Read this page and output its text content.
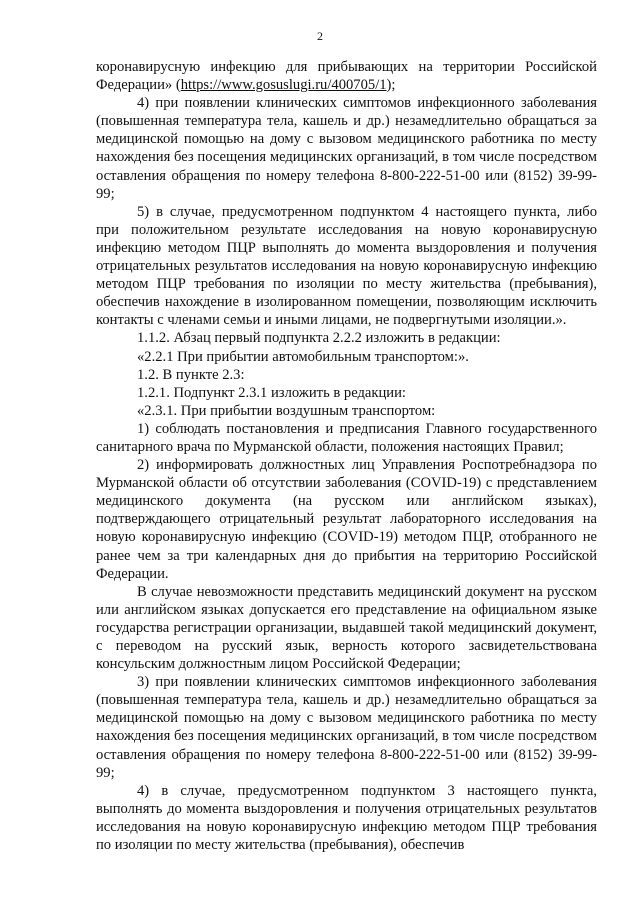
2

коронавирусную инфекцию для прибывающих на территории Российской Федерации» (https://www.gosuslugi.ru/400705/1);

4) при появлении клинических симптомов инфекционного заболевания (повышенная температура тела, кашель и др.) незамедлительно обращаться за медицинской помощью на дому с вызовом медицинского работника по месту нахождения без посещения медицинских организаций, в том числе посредством оставления обращения по номеру телефона 8-800-222-51-00 или (8152) 39-99-99;

5) в случае, предусмотренном подпунктом 4 настоящего пункта, либо при положительном результате исследования на новую коронавирусную инфекцию методом ПЦР выполнять до момента выздоровления и получения отрицательных результатов исследования на новую коронавирусную инфекцию методом ПЦР требования по изоляции по месту жительства (пребывания), обеспечив нахождение в изолированном помещении, позволяющим исключить контакты с членами семьи и иными лицами, не подвергнутыми изоляции.».

1.1.2. Абзац первый подпункта 2.2.2 изложить в редакции:

«2.2.1 При прибытии автомобильным транспортом:».

1.2. В пункте 2.3:

1.2.1. Подпункт 2.3.1 изложить в редакции:

«2.3.1. При прибытии воздушным транспортом:

1) соблюдать постановления и предписания Главного государственного санитарного врача по Мурманской области, положения настоящих Правил;

2) информировать должностных лиц Управления Роспотребнадзора по Мурманской области об отсутствии заболевания (COVID-19) с представлением медицинского документа (на русском или английском языках), подтверждающего отрицательный результат лабораторного исследования на новую коронавирусную инфекцию (COVID-19) методом ПЦР, отобранного не ранее чем за три календарных дня до прибытия на территорию Российской Федерации.

В случае невозможности представить медицинский документ на русском или английском языках допускается его представление на официальном языке государства регистрации организации, выдавшей такой медицинский документ, с переводом на русский язык, верность которого засвидетельствована консульским должностным лицом Российской Федерации;

3) при появлении клинических симптомов инфекционного заболевания (повышенная температура тела, кашель и др.) незамедлительно обращаться за медицинской помощью на дому с вызовом медицинского работника по месту нахождения без посещения медицинских организаций, в том числе посредством оставления обращения по номеру телефона 8-800-222-51-00 или (8152) 39-99-99;

4) в случае, предусмотренном подпунктом 3 настоящего пункта, выполнять до момента выздоровления и получения отрицательных результатов исследования на новую коронавирусную инфекцию методом ПЦР требования по изоляции по месту жительства (пребывания), обеспечив
